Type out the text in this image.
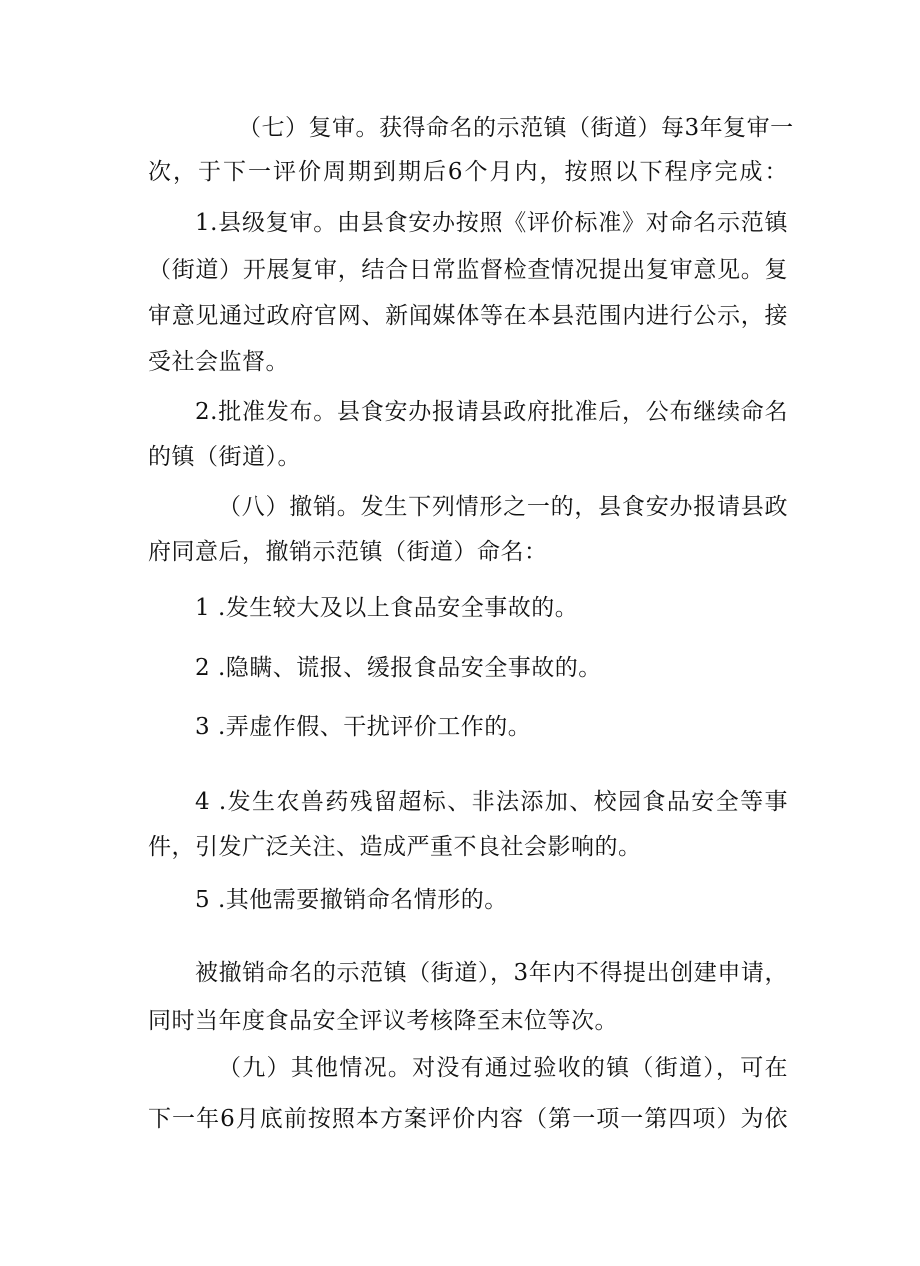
（七）复审。获得命名的示范镇（街道）每3年复审一
次，于下一评价周期到期后6个月内，按照以下程序完成：
1.县级复审。由县食安办按照《评价标准》对命名示范镇
（街道）开展复审，结合日常监督检查情况提出复审意见。复
审意见通过政府官网、新闻媒体等在本县范围内进行公示，接
受社会监督。
2.批准发布。县食安办报请县政府批准后，公布继续命名
的镇（街道）。
（八）撤销。发生下列情形之一的，县食安办报请县政
府同意后，撤销示范镇（街道）命名：
1 .发生较大及以上食品安全事故的。
2 .隐瞒、谎报、缓报食品安全事故的。
3 .弄虚作假、干扰评价工作的。
4 .发生农兽药残留超标、非法添加、校园食品安全等事
件，引发广泛关注、造成严重不良社会影响的。
5 .其他需要撤销命名情形的。
被撤销命名的示范镇（街道），3年内不得提出创建申请，
同时当年度食品安全评议考核降至末位等次。
（九）其他情况。对没有通过验收的镇（街道），可在
下一年6月底前按照本方案评价内容（第一项一第四项）为依
